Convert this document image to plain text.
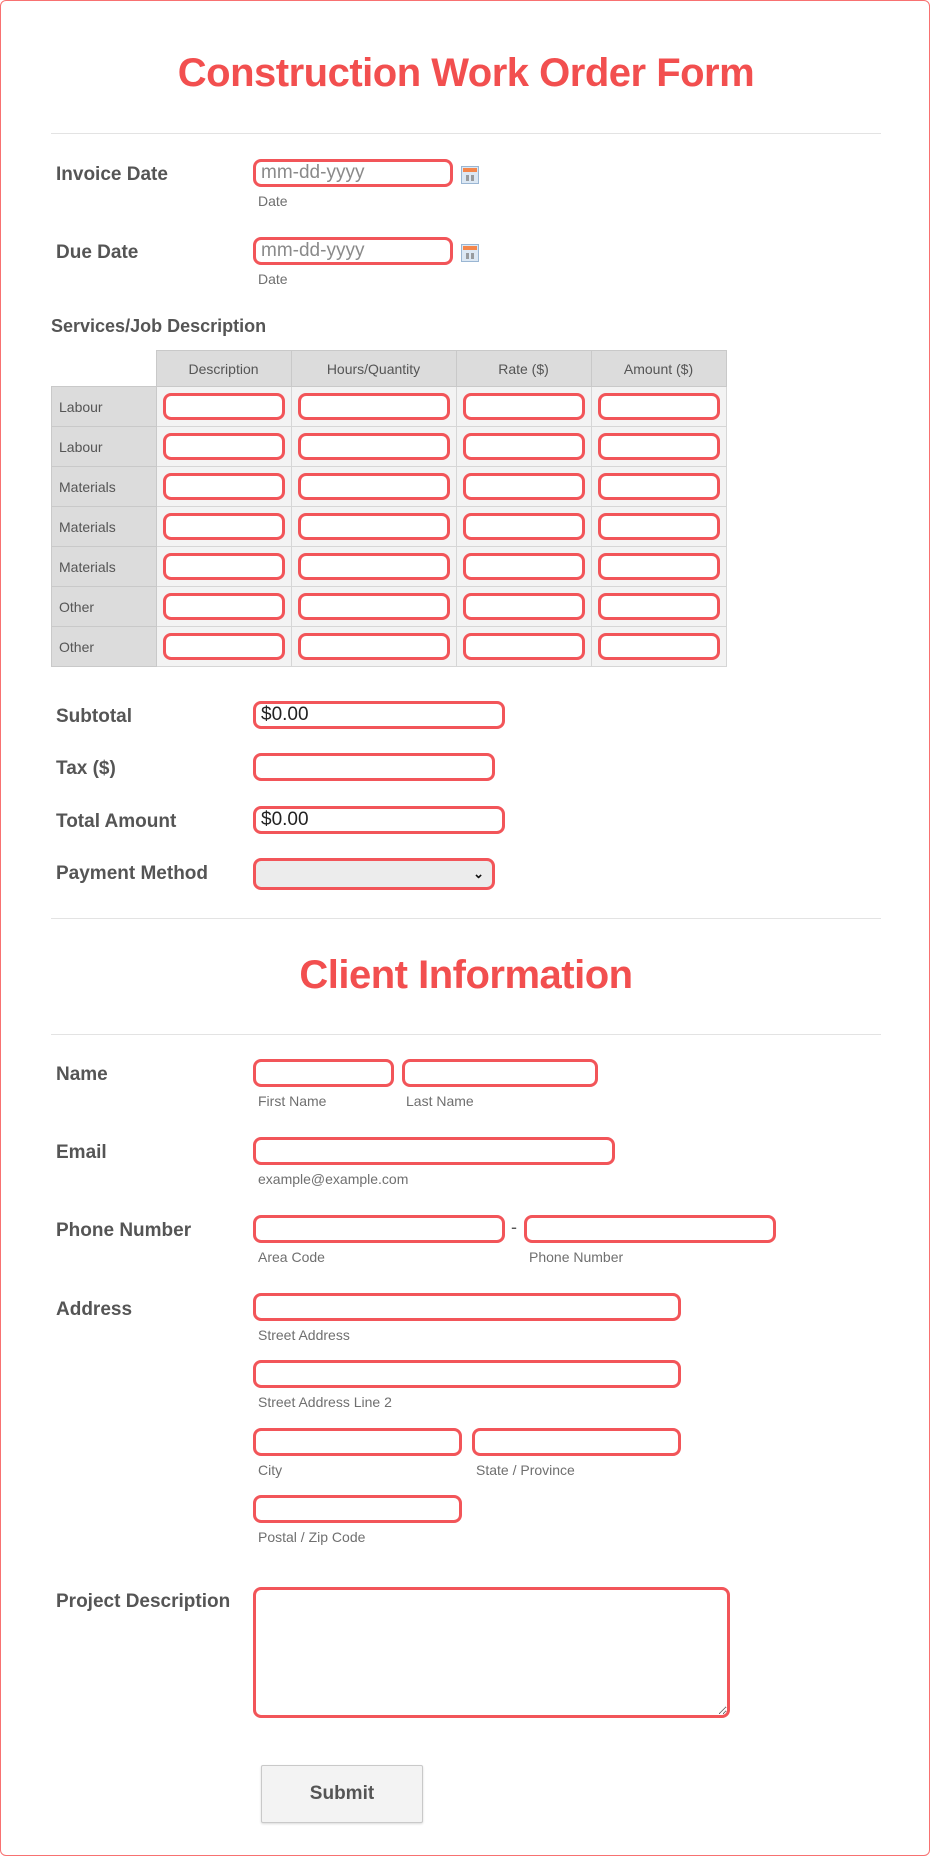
Construction Work Order Form
Invoice Date
mm-dd-yyyy
Date
Due Date
mm-dd-yyyy
Date
Services/Job Description
	Description	Hours/Quantity	Rate ($)	Amount ($)
Labour				
Labour				
Materials				
Materials				
Materials				
Other				
Other				
Subtotal
$0.00
Tax ($)
Total Amount
$0.00
Payment Method	⌄
Client Information
Name
First Name	Last Name
Email
example@example.com
Phone Number	-
Area Code	Phone Number
Address
Street Address
Street Address Line 2
City	State / Province
Postal / Zip Code
Project Description
Submit
